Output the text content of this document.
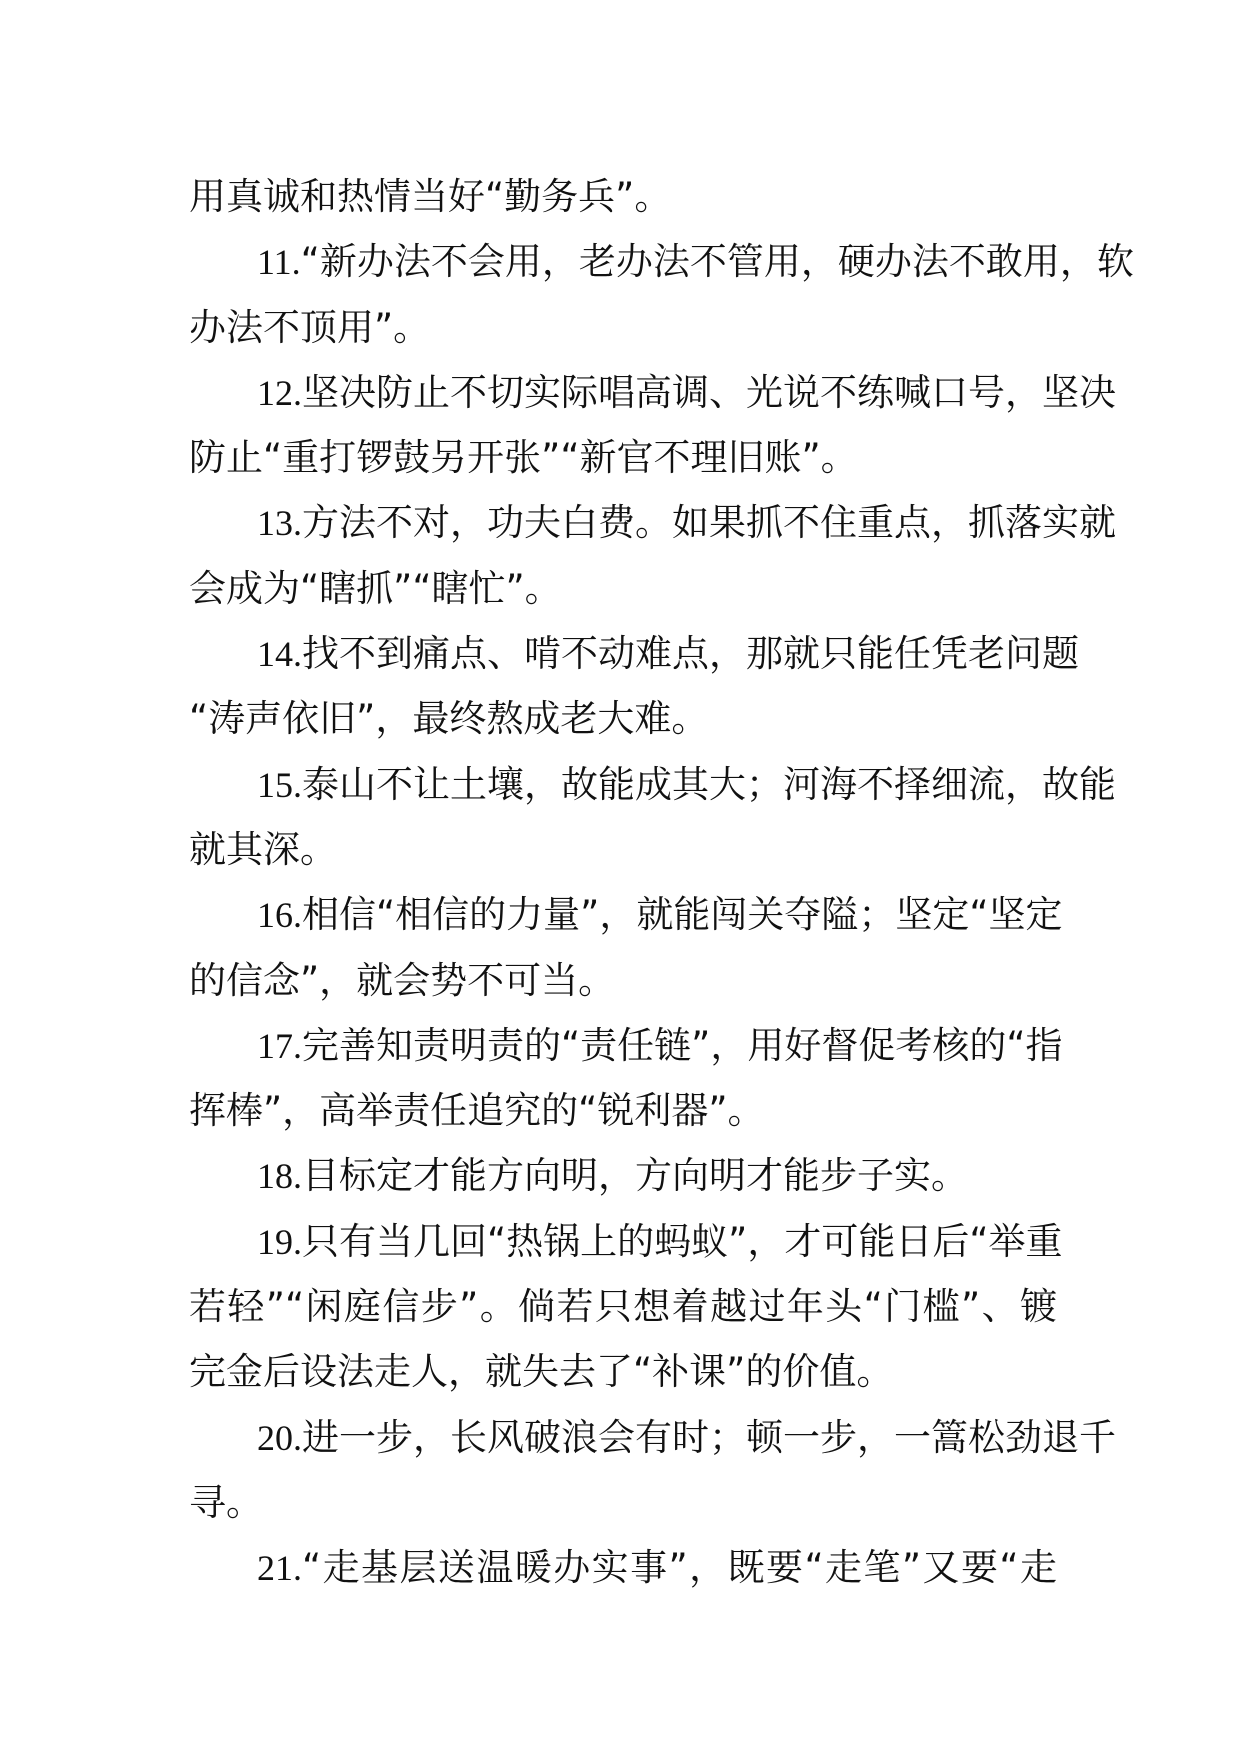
用真诚和热情当好“勤务兵”。
11.“新办法不会用，老办法不管用，硬办法不敢用，软
办法不顶用”。
12.坚决防止不切实际唱高调、光说不练喊口号，坚决
防止“重打锣鼓另开张”“新官不理旧账”。
13.方法不对，功夫白费。如果抓不住重点，抓落实就
会成为“瞎抓”“瞎忙”。
14.找不到痛点、啃不动难点，那就只能任凭老问题
“涛声依旧”，最终熬成老大难。
15.泰山不让土壤，故能成其大；河海不择细流，故能
就其深。
16.相信“相信的力量”，就能闯关夺隘；坚定“坚定
的信念”，就会势不可当。
17.完善知责明责的“责任链”，用好督促考核的“指
挥棒”，高举责任追究的“锐利器”。
18.目标定才能方向明，方向明才能步子实。
19.只有当几回“热锅上的蚂蚁”，才可能日后“举重
若轻”“闲庭信步”。倘若只想着越过年头“门槛”、镀
完金后设法走人，就失去了“补课”的价值。
20.进一步，长风破浪会有时；顿一步，一篙松劲退千
寻。
21.“走基层送温暖办实事”，既要“走笔”又要“走
